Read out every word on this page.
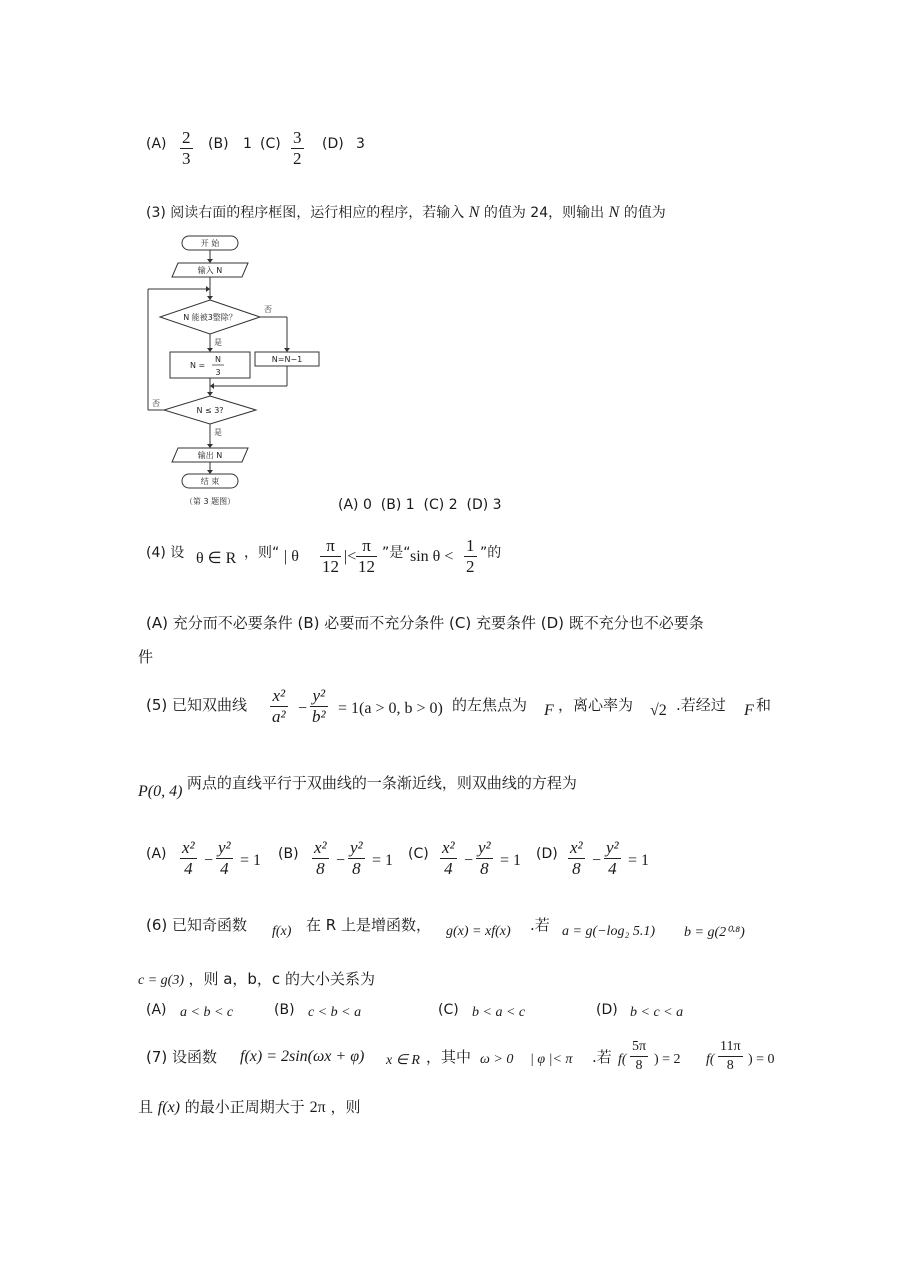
$(A) \frac{2}{3} (B)$ 1 $(C) \frac{3}{2} (D)$ 3
(3) 阅读右面的程序框图，运行相应的程序，若输入 N 的值为 24，则输出 N 的值为
开 始
输入 N
N 能被3整除？
否
是
N =
N
3
N=N−1
N ≤ 3?
否
是
输出 N
结 束
（第 3 题图）	(A) 0  (B) 1  (C) 2  (D) 3
(4) 设 θ ∈ R ，则“ | θ $\frac{\pi}{12}$ |< $\frac{\pi}{12}$ ”是“ $\sin \theta < \frac{1}{2}$ ”的
(A) 充分而不必要条件 (B) 必要而不充分条件 (C) 充要条件 (D) 既不充分也不必要条
件
(5) 已知双曲线 $\frac{\text{x²}}{\text{a²}} - \frac{\text{y²}}{\text{b²}} = 1(a > 0$, b > 0) 的左焦点为 F ，离心率为 √2 .若经过 F 和
P(0, 4) 两点的直线平行于双曲线的一条渐近线，则双曲线的方程为
$(A) \frac{\text{x²}}{4} - \frac{\text{y²}}{4} = 1$ $(B) \frac{\text{x²}}{8} - \frac{\text{y²}}{8} = 1$ $(C) \frac{\text{x²}}{4} - \frac{\text{y²}}{8} = 1$ $(D) \frac{\text{x²}}{8} - \frac{\text{y²}}{4} = 1$
(6) 已知奇函数 f(x) 在 R 上是增函数， g(x) = xf(x) .若 a = g(−log₂ 5.1) b = g(2⁰·⁸)
c = g(3) ，则 a，b，c 的大小关系为
(A) a < b < c	(B) c < b < a	(C) b < a < c	(D) b < c < a
(7) 设函数 f(x) = 2sin(ωx + φ) x ∈ R ，其中 ω > 0 | φ |< π .若 $f( \frac{5\pi}{8}$ ) = 2 $f( \frac{11\pi}{8}$ ) = 0
且 f(x) 的最小正周期大于 2π ，则
